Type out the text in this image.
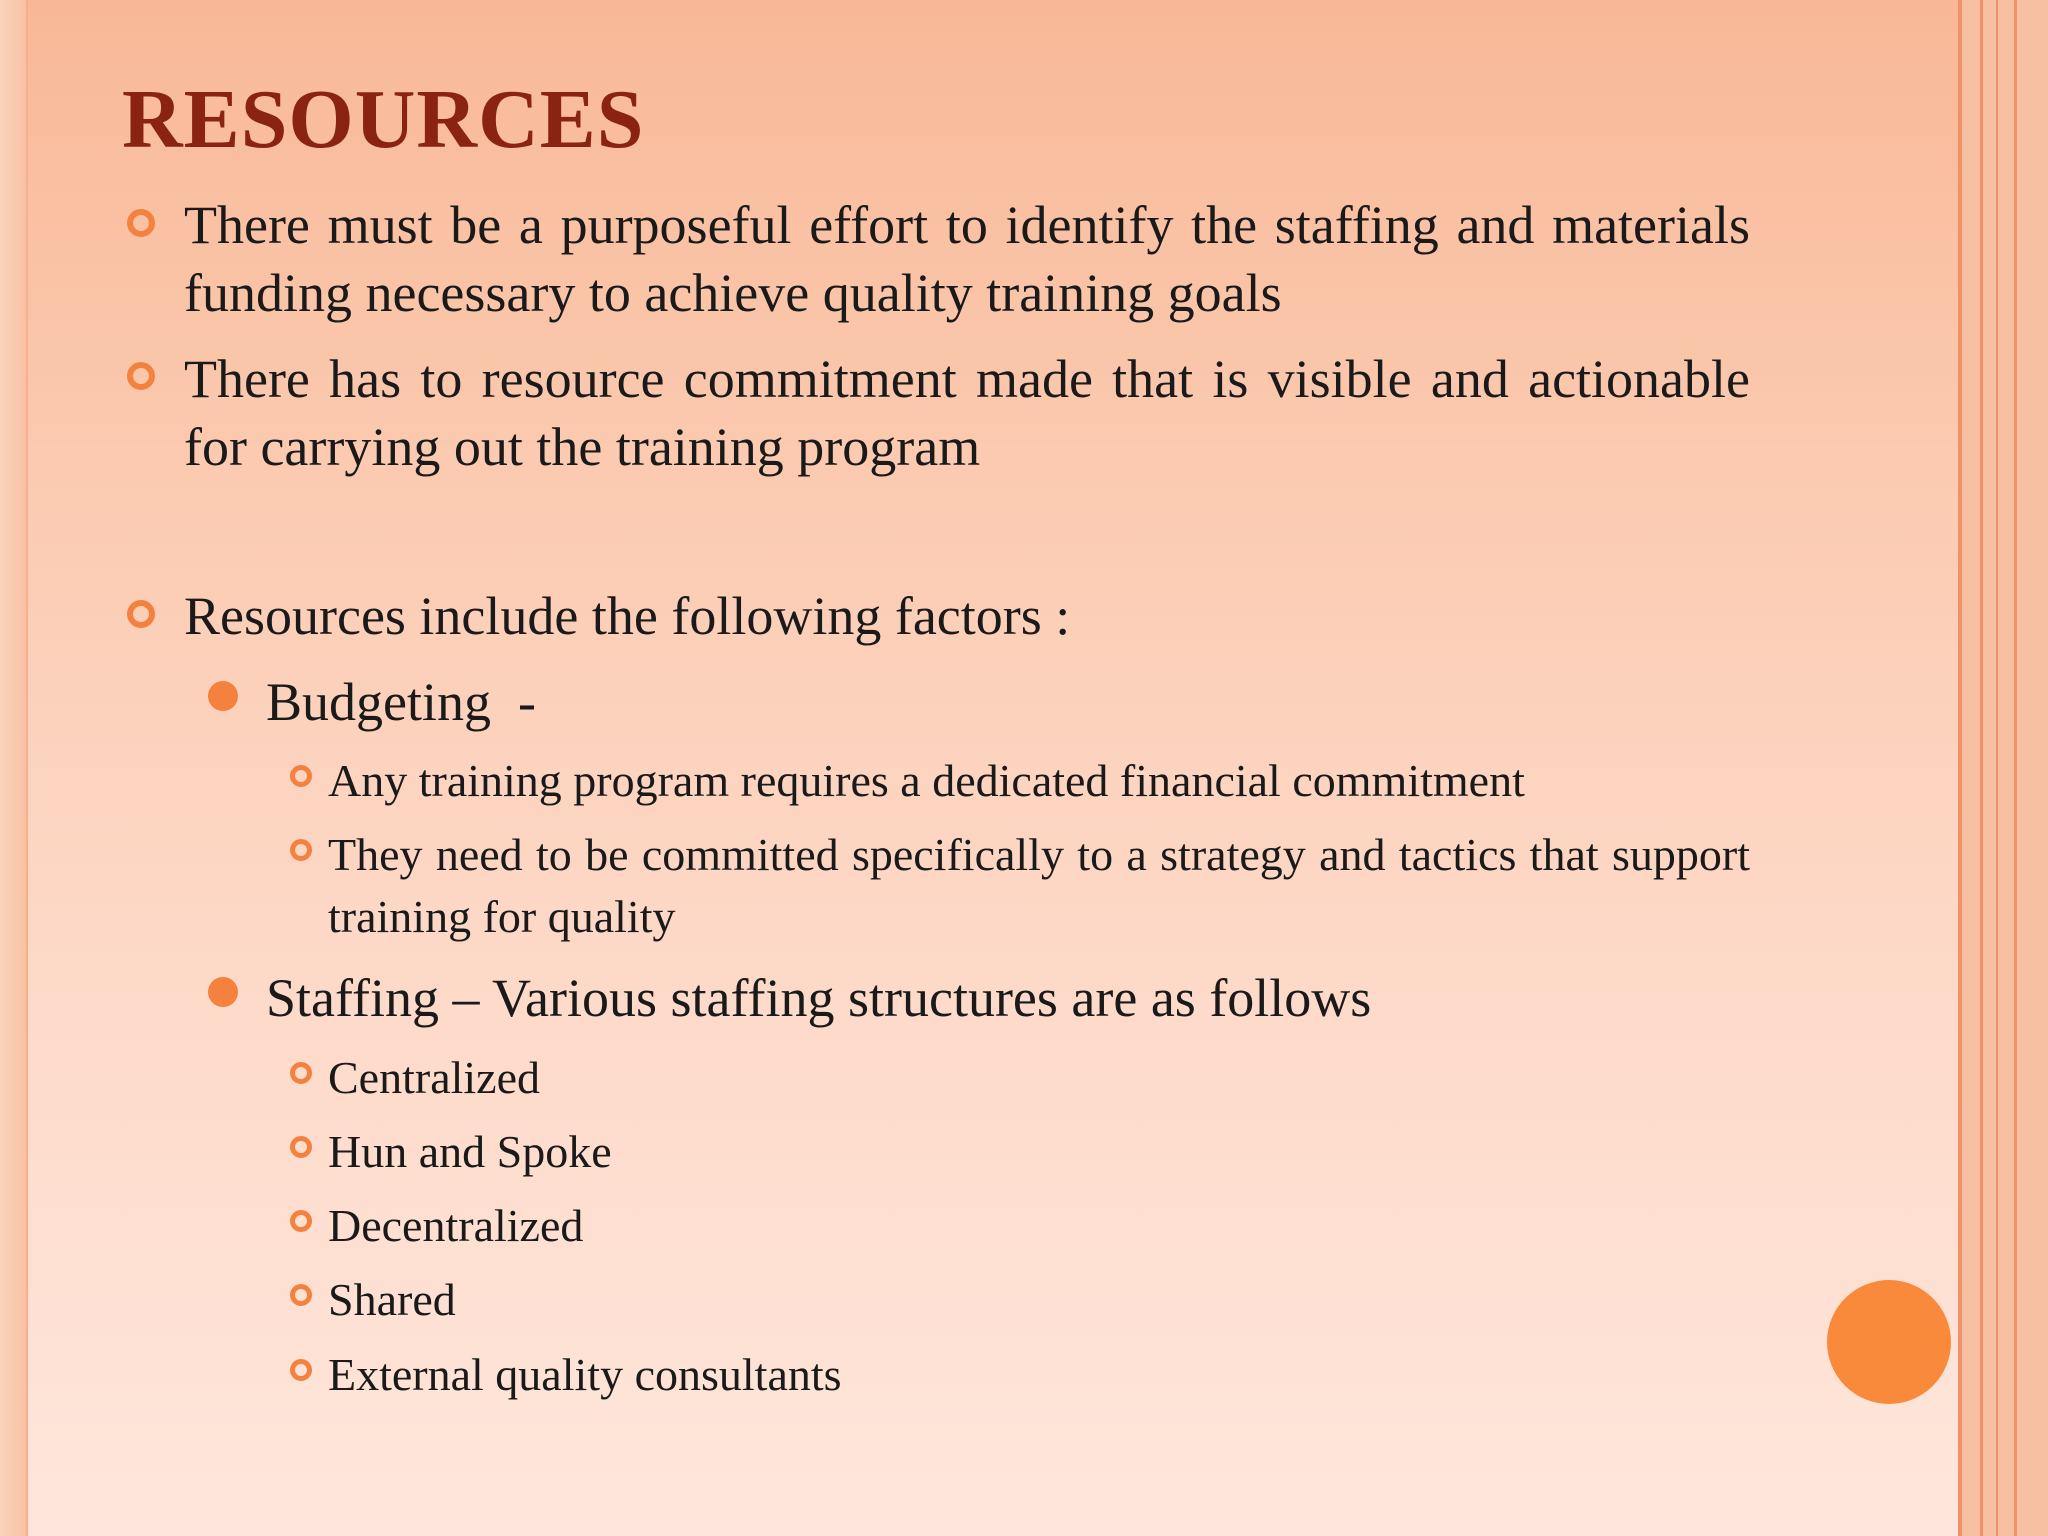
RESOURCES
There must be a purposeful effort to identify the staffing and materials funding necessary to achieve quality training goals
There has to resource commitment made that is visible and actionable for carrying out the training program
Resources include the following factors :
Budgeting  -
Any training program requires a dedicated financial commitment
They need to be committed specifically to a strategy and tactics that support training for quality
Staffing – Various staffing structures are as follows
Centralized
Hun and Spoke
Decentralized
Shared
External quality consultants
